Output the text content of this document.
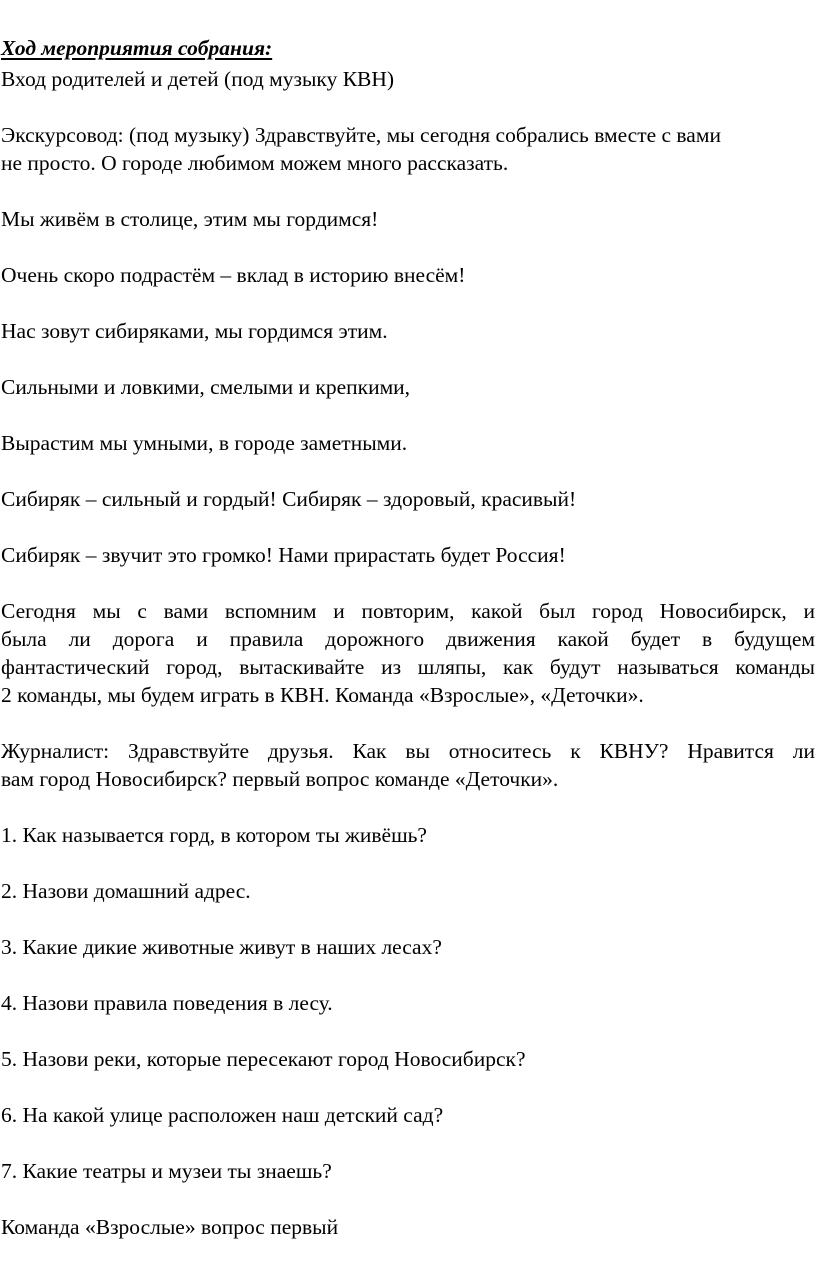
Ход мероприятия собрания:

Вход родителей и детей (под музыку КВН)

Экскурсовод: (под музыку) Здравствуйте, мы сегодня собрались вместе с вами

не просто. О городе любимом можем много рассказать.

Мы живём в столице, этим мы гордимся!

Очень скоро подрастём – вклад в историю внесём!

Нас зовут сибиряками, мы гордимся этим.

Сильными и ловкими, смелыми и крепкими,

Вырастим мы умными, в городе заметными.

Сибиряк – сильный и гордый! Сибиряк – здоровый, красивый!

Сибиряк – звучит это громко! Нами прирастать будет Россия!

Сегодня мы с вами вспомним и повторим, какой был город Новосибирск, и

была ли дорога и правила дорожного движения какой будет в будущем

фантастический город, вытаскивайте из шляпы, как будут называться команды

2 команды, мы будем играть в КВН. Команда «Взрослые», «Деточки».

Журналист: Здравствуйте друзья. Как вы относитесь к КВНУ? Нравится ли

вам город Новосибирск? первый вопрос команде «Деточки».

1. Как называется горд, в котором ты живёшь?

2. Назови домашний адрес.

3. Какие дикие животные живут в наших лесах?

4. Назови правила поведения в лесу.

5. Назови реки, которые пересекают город Новосибирск?

6. На какой улице расположен наш детский сад?

7. Какие театры и музеи ты знаешь?

Команда «Взрослые» вопрос первый
